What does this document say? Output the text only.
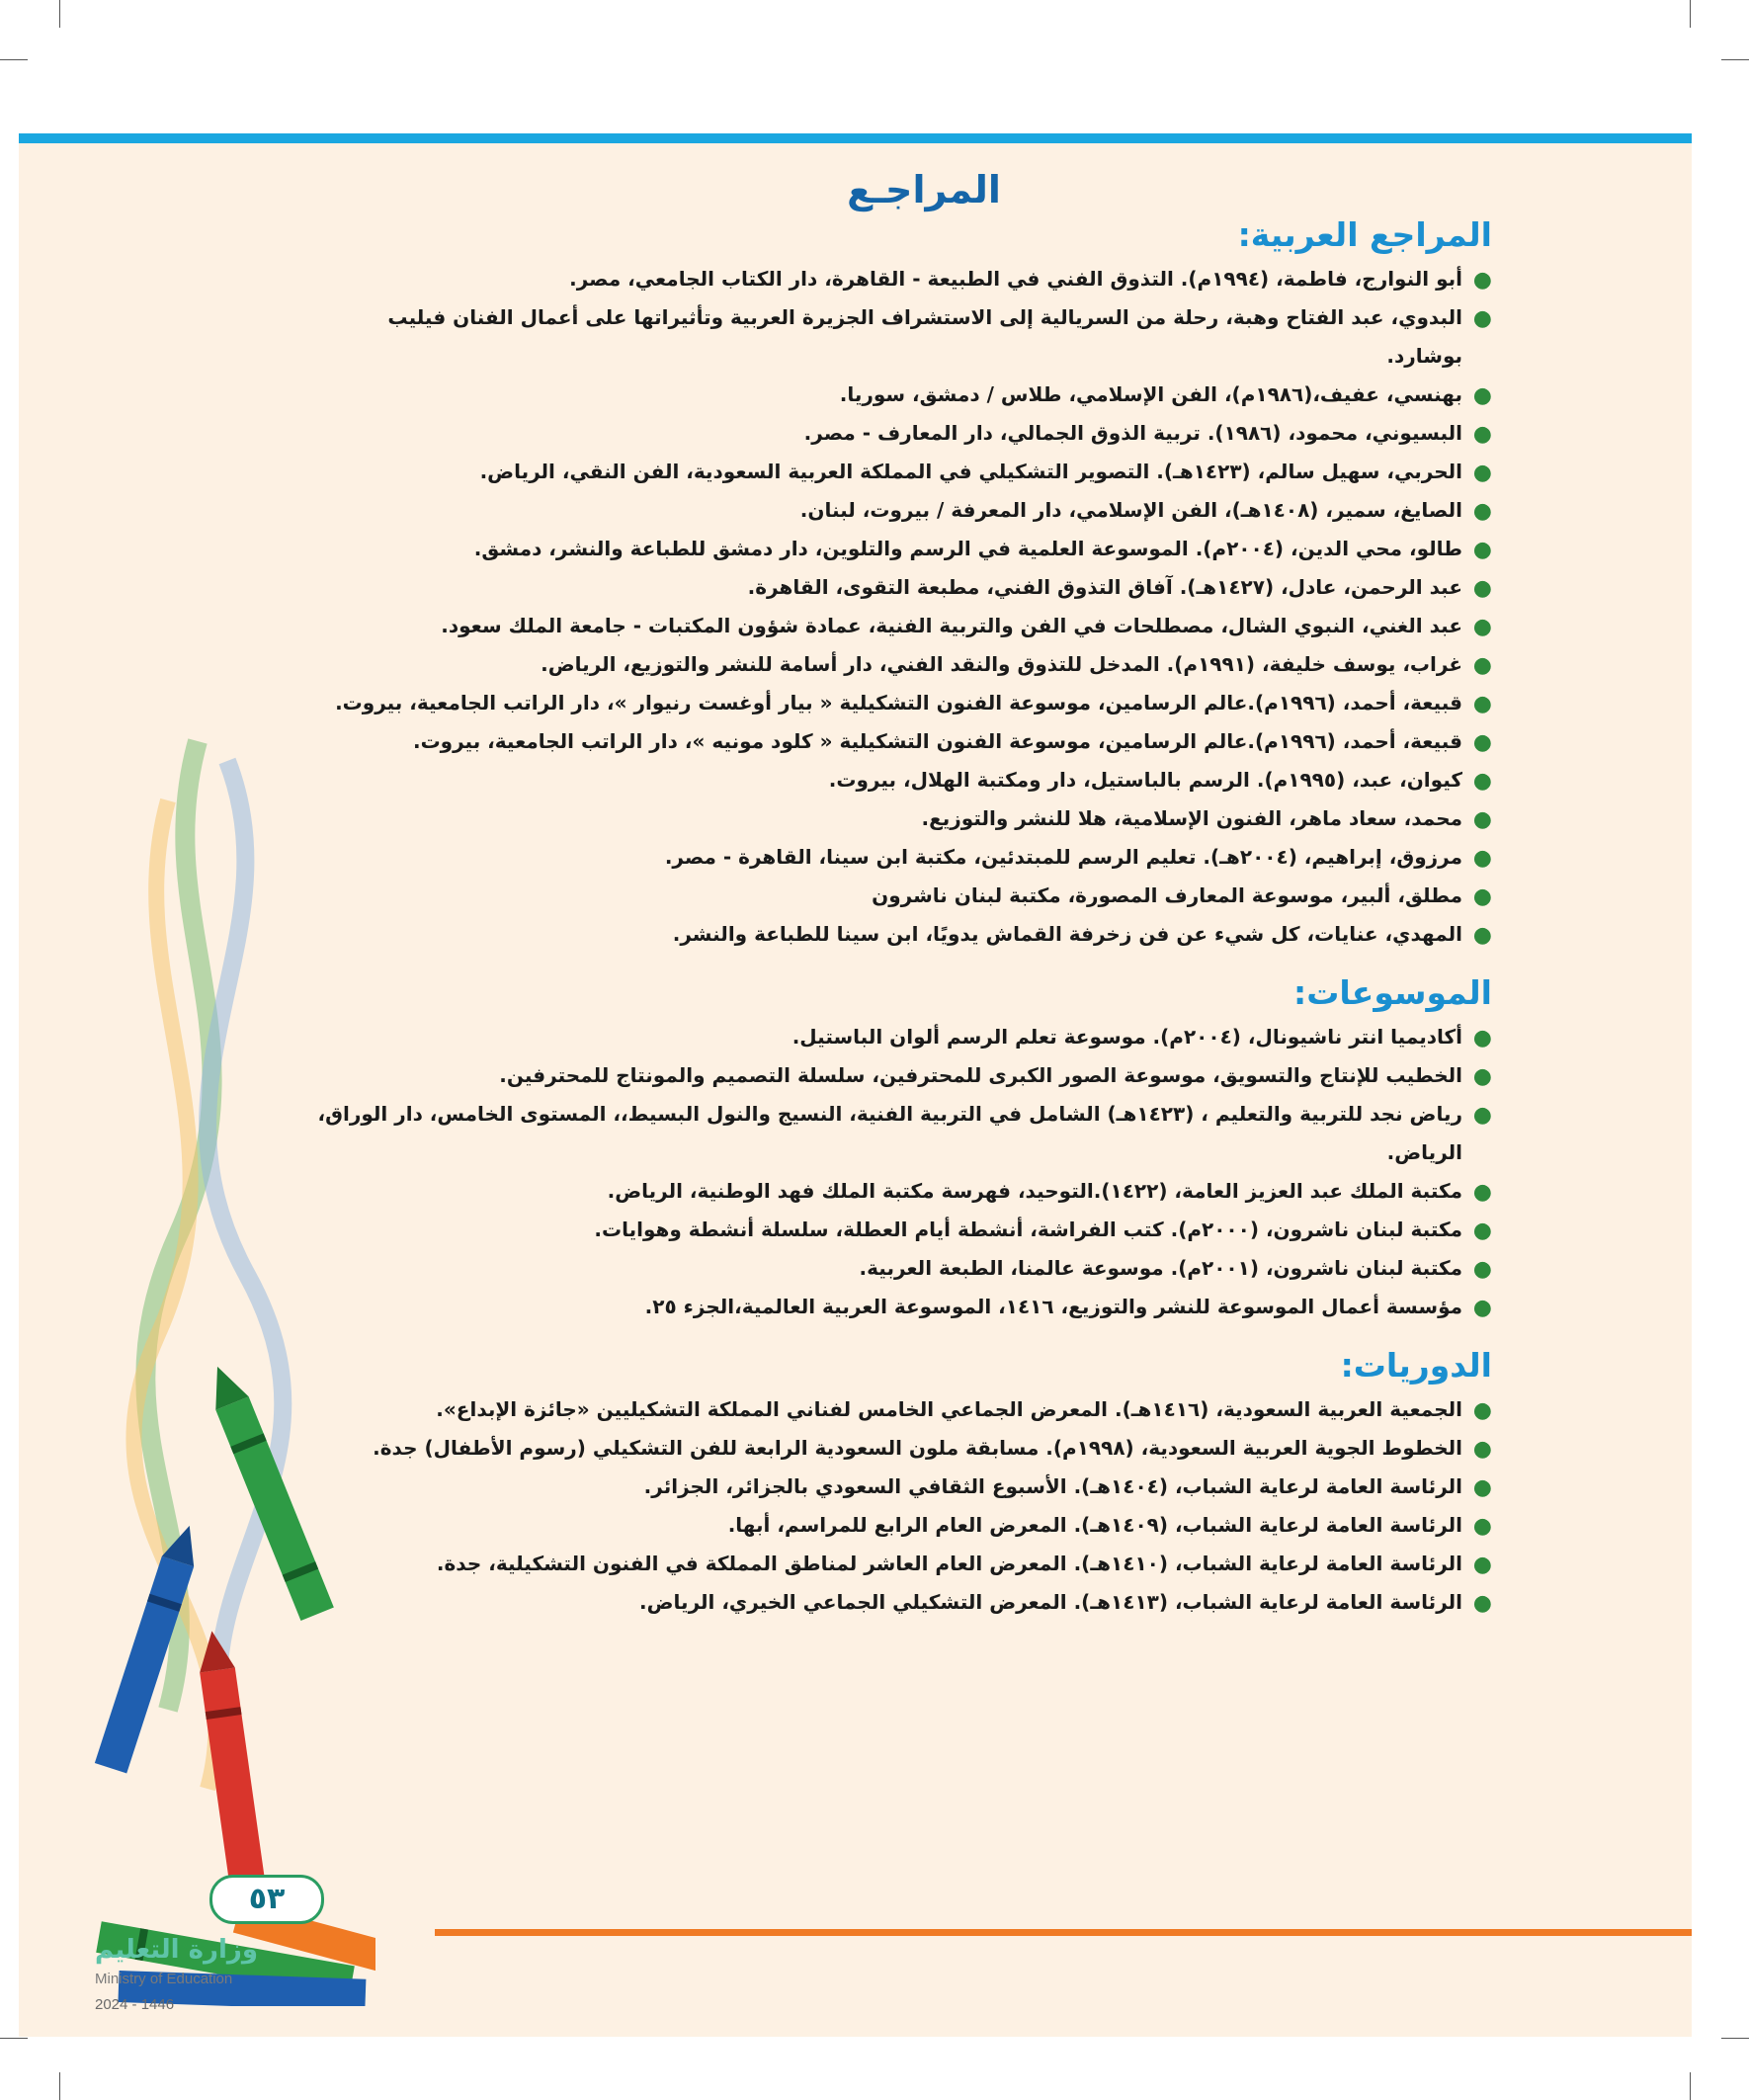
المراجـع
المراجع العربية:
●
أبو النوارج، فاطمة، (١٩٩٤م). التذوق الفني في الطبيعة - القاهرة، دار الكتاب الجامعي، مصر.
●
البدوي، عبد الفتاح وهبة، رحلة من السريالية إلى الاستشراف الجزيرة العربية وتأثيراتها على أعمال الفنان فيليب بوشارد.
●
بهنسي، عفيف،(١٩٨٦م)، الفن الإسلامي، طلاس / دمشق، سوريا.
●
البسيوني، محمود، (١٩٨٦). تربية الذوق الجمالي، دار المعارف - مصر.
●
الحربي، سهيل سالم، (١٤٢٣هـ). التصوير التشكيلي في المملكة العربية السعودية، الفن النقي، الرياض.
●
الصايغ، سمير، (١٤٠٨هـ)، الفن الإسلامي، دار المعرفة / بيروت، لبنان.
●
طالو، محي الدين، (٢٠٠٤م). الموسوعة العلمية في الرسم والتلوين، دار دمشق للطباعة والنشر، دمشق.
●
عبد الرحمن، عادل، (١٤٢٧هـ). آفاق التذوق الفني، مطبعة التقوى، القاهرة.
●
عبد الغني، النبوي الشال، مصطلحات في الفن والتربية الفنية، عمادة شؤون المكتبات - جامعة الملك سعود.
●
غراب، يوسف خليفة، (١٩٩١م). المدخل للتذوق والنقد الفني، دار أسامة للنشر والتوزيع، الرياض.
●
قبيعة، أحمد، (١٩٩٦م).عالم الرسامين، موسوعة الفنون التشكيلية « بيار أوغست رنيوار »، دار الراتب الجامعية، بيروت.
●
قبيعة، أحمد، (١٩٩٦م).عالم الرسامين، موسوعة الفنون التشكيلية « كلود مونيه »، دار الراتب الجامعية، بيروت.
●
كيوان، عبد، (١٩٩٥م). الرسم بالباستيل، دار ومكتبة الهلال، بيروت.
●
محمد، سعاد ماهر، الفنون الإسلامية، هلا للنشر والتوزيع.
●
مرزوق، إبراهيم، (٢٠٠٤هـ). تعليم الرسم للمبتدئين، مكتبة ابن سينا، القاهرة - مصر.
●
مطلق، ألبير، موسوعة المعارف المصورة، مكتبة لبنان ناشرون
●
المهدي، عنايات، كل شيء عن فن زخرفة القماش يدويًا، ابن سينا للطباعة والنشر.
الموسوعات:
●
أكاديميا انتر ناشيونال، (٢٠٠٤م). موسوعة تعلم الرسم ألوان الباستيل.
●
الخطيب للإنتاج والتسويق، موسوعة الصور الكبرى للمحترفين، سلسلة التصميم والمونتاج للمحترفين.
●
رياض نجد للتربية والتعليم ، (١٤٢٣هـ) الشامل في التربية الفنية، النسيج والنول البسيط،، المستوى الخامس، دار الوراق، الرياض.
●
مكتبة الملك عبد العزيز العامة، (١٤٢٢).التوحيد، فهرسة مكتبة الملك فهد الوطنية، الرياض.
●
مكتبة لبنان ناشرون، (٢٠٠٠م). كتب الفراشة، أنشطة أيام العطلة، سلسلة أنشطة وهوايات.
●
مكتبة لبنان ناشرون، (٢٠٠١م). موسوعة عالمنا، الطبعة العربية.
●
مؤسسة أعمال الموسوعة للنشر والتوزيع، ١٤١٦، الموسوعة العربية العالمية،الجزء ٢٥.
الدوريات:
●
الجمعية العربية السعودية، (١٤١٦هـ). المعرض الجماعي الخامس لفناني المملكة التشكيليين «جائزة الإبداع».
●
الخطوط الجوية العربية السعودية، (١٩٩٨م). مسابقة ملون السعودية الرابعة للفن التشكيلي (رسوم الأطفال) جدة.
●
الرئاسة العامة لرعاية الشباب، (١٤٠٤هـ). الأسبوع الثقافي السعودي بالجزائر، الجزائر.
●
الرئاسة العامة لرعاية الشباب، (١٤٠٩هـ). المعرض العام الرابع للمراسم، أبها.
●
الرئاسة العامة لرعاية الشباب، (١٤١٠هـ). المعرض العام العاشر لمناطق المملكة في الفنون التشكيلية، جدة.
●
الرئاسة العامة لرعاية الشباب، (١٤١٣هـ). المعرض التشكيلي الجماعي الخيري، الرياض.
٥٣
وزارة التعليم
Ministry of Education
2024 - 1446
